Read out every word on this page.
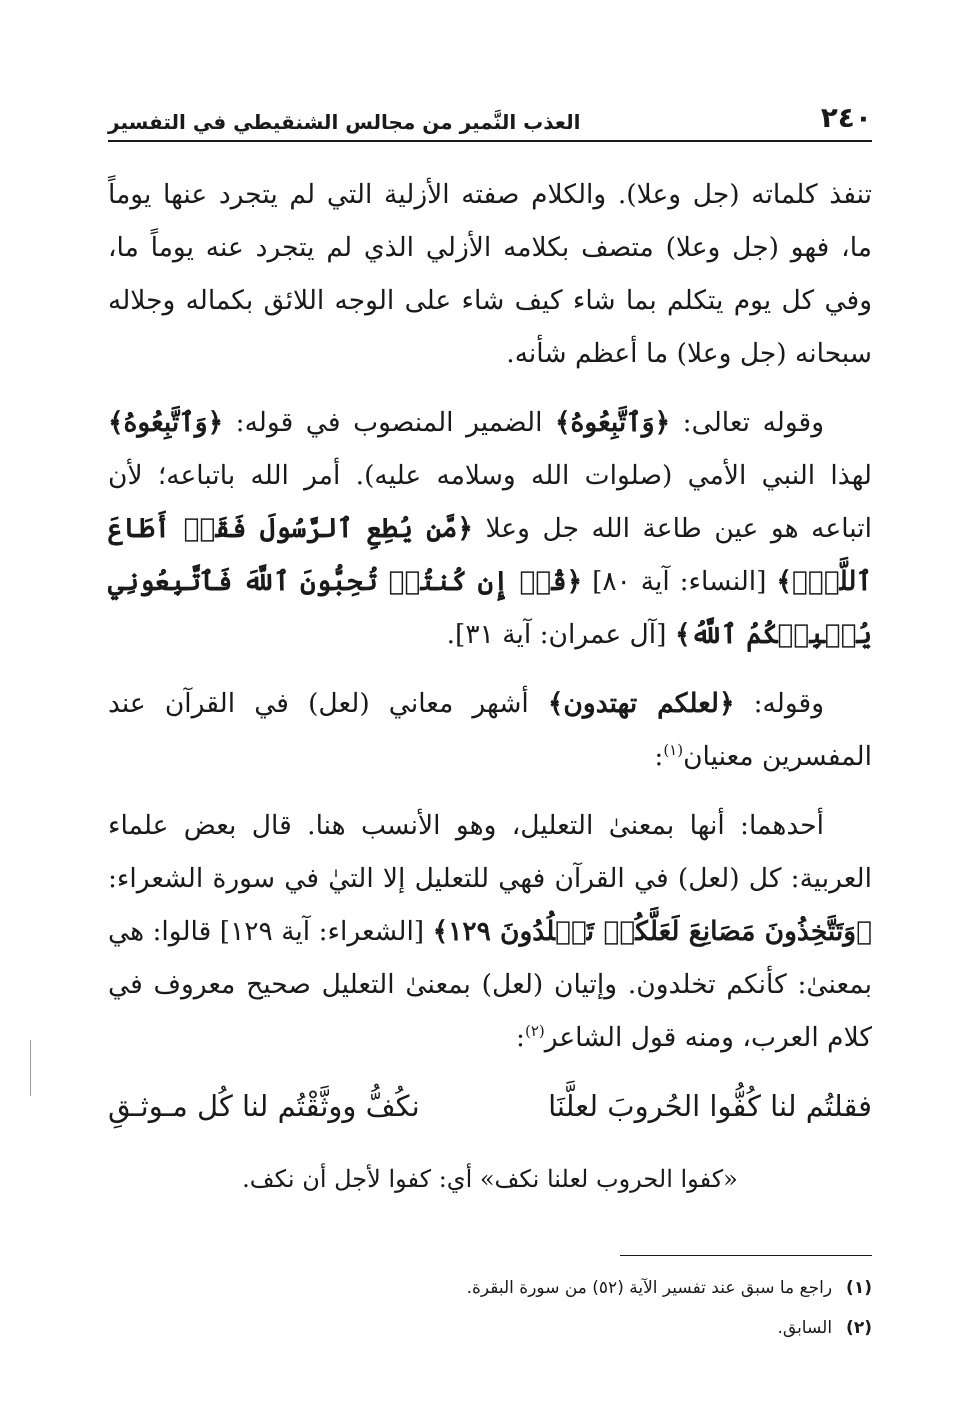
٢٤٠
العذب النَّمير من مجالس الشنقيطي في التفسير

تنفذ كلماته (جل وعلا). والكلام صفته الأزلية التي لم يتجرد عنها يوماً ما، فهو (جل وعلا) متصف بكلامه الأزلي الذي لم يتجرد عنه يوماً ما، وفي كل يوم يتكلم بما شاء كيف شاء على الوجه اللائق بكماله وجلاله سبحانه (جل وعلا) ما أعظم شأنه.

وقوله تعالى: ﴿وَٱتَّبِعُوهُ﴾ الضمير المنصوب في قوله: ﴿وَٱتَّبِعُوهُ﴾ لهذا النبي الأمي (صلوات الله وسلامه عليه). أمر الله باتباعه؛ لأن اتباعه هو عين طاعة الله جل وعلا ﴿مَّن يُطِعِ ٱلرَّسُولَ فَقَدۡ أَطَاعَ ٱللَّهَۖ﴾ [النساء: آية ٨٠] ﴿قُلۡ إِن كُنتُمۡ تُحِبُّونَ ٱللَّهَ فَٱتَّبِعُونِي يُحۡبِبۡكُمُ ٱللَّهُ﴾ [آل عمران: آية ٣١].

وقوله: ﴿لعلكم تهتدون﴾ أشهر معاني (لعل) في القرآن عند المفسرين معنيان$^{(١)}$:

أحدهما: أنها بمعنىٰ التعليل، وهو الأنسب هنا. قال بعض علماء العربية: كل (لعل) في القرآن فهي للتعليل إلا التيٰ في سورة الشعراء: ﴿وَتَتَّخِذُونَ مَصَانِعَ لَعَلَّكُمۡ تَخۡلُدُونَ ١٢٩﴾ [الشعراء: آية ١٢٩] قالوا: هي بمعنىٰ: كأنكم تخلدون. وإتيان (لعل) بمعنىٰ التعليل صحيح معروف في كلام العرب، ومنه قول الشاعر$^{(٢)}$:

فقلتُم لنا كُفُّوا الحُروبَ لعلَّنَا
نكُفُّ ووثَّقْتُم لنا كُل مـوثـقِ

«كفوا الحروب لعلنا نكف» أي: كفوا لأجل أن نكف.

(١)
راجع ما سبق عند تفسير الآية (٥٢) من سورة البقرة.
(٢)
السابق.
